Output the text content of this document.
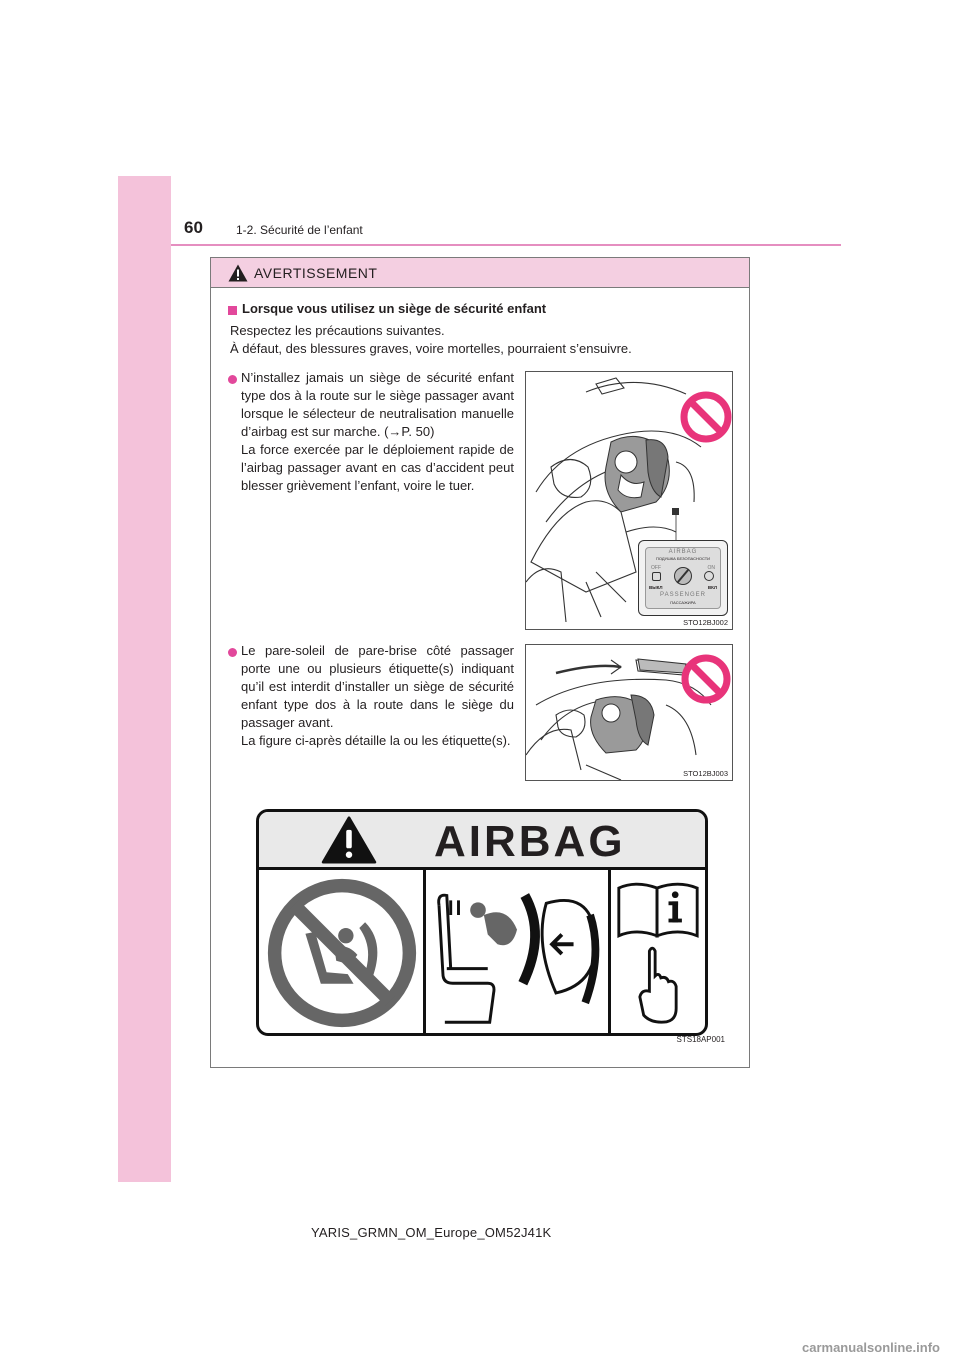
60	1-2. Sécurité de l’enfant
AVERTISSEMENT
Lorsque vous utilisez un siège de sécurité enfant
Respectez les précautions suivantes.
À défaut, des blessures graves, voire mortelles, pourraient s’ensuivre.

N’installez jamais un siège de sécurité enfant type dos à la route sur le siège passager avant lorsque le sélecteur de neutralisation manuelle d’airbag est sur marche. (→P. 50)

La force exercée par le déploiement rapide de l’airbag passager avant en cas d’accident peut blesser grièvement l’enfant, voire le tuer.

AIRBAG
ПОДУШКА БЕЗОПАСНОСТИ
OFF	ON
ВЫКЛ	ВКЛ
PASSENGER
ПАССАЖИРА
STO12BJ002

Le pare-soleil de pare-brise côté passager porte une ou plusieurs étiquette(s) indiquant qu’il est interdit d’installer un siège de sécurité enfant type dos à la route dans le siège du passager avant.

La figure ci-après détaille la ou les étiquette(s).

STO12BJ003
AIRBAG
STS18AP001
YARIS_GRMN_OM_Europe_OM52J41K
carmanualsonline.info
